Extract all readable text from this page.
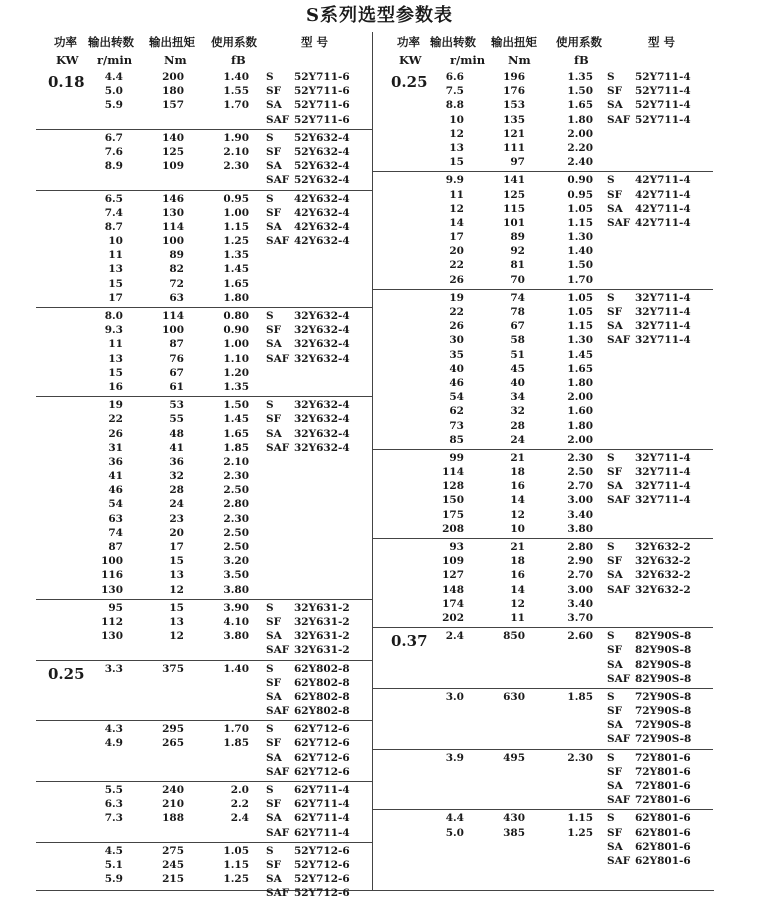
S系列选型参数表
功率
KW
输出转数
r/min
输出扭矩
Nm
使用系数
fB
型 号
0.18 4.4	200	1.40 S 52Y711-6
5.0	180	1.55 SF 52Y711-6
5.9	157	1.70 SA 52Y711-6
SAF 52Y711-6
6.7	140	1.90 S 52Y632-4
7.6	125	2.10 SF 52Y632-4
8.9	109	2.30 SA 52Y632-4
SAF 52Y632-4
6.5	146	0.95 S 42Y632-4
7.4	130	1.00 SF 42Y632-4
8.7	114	1.15 SA 42Y632-4
10	100	1.25 SAF 42Y632-4
11	89	1.35
13	82	1.45
15	72	1.65
17	63	1.80
8.0	114	0.80 S 32Y632-4
9.3	100	0.90 SF 32Y632-4
11	87	1.00 SA 32Y632-4
13	76	1.10 SAF 32Y632-4
15	67	1.20
16	61	1.35
19	53	1.50 S 32Y632-4
22	55	1.45 SF 32Y632-4
26	48	1.65 SA 32Y632-4
31	41	1.85 SAF 32Y632-4
36	36	2.10
41	32	2.30
46	28	2.50
54	24	2.80
63	23	2.30
74	20	2.50
87	17	2.50
100	15	3.20
116	13	3.50
130	12	3.80
95	15	3.90 S 32Y631-2
112	13	4.10 SF 32Y631-2
130	12	3.80 SA 32Y631-2
SAF 32Y631-2
0.25 3.3	375	1.40 S 62Y802-8
SF 62Y802-8
SA 62Y802-8
SAF 62Y802-8
4.3	295	1.70 S 62Y712-6
4.9	265	1.85 SF 62Y712-6
SA 62Y712-6
SAF 62Y712-6
5.5	240	2.0 S 62Y711-4
6.3	210	2.2 SF 62Y711-4
7.3	188	2.4 SA 62Y711-4
SAF 62Y711-4
4.5	275	1.05 S 52Y712-6
5.1	245	1.15 SF 52Y712-6
5.9	215	1.25 SA 52Y712-6
SAF 52Y712-6
功率
KW
输出转数
r/min
输出扭矩
Nm
使用系数
fB
型 号
0.25 6.6	196	1.35 S 52Y711-4
7.5	176	1.50 SF 52Y711-4
8.8	153	1.65 SA 52Y711-4
10	135	1.80 SAF 52Y711-4
12	121	2.00
13	111	2.20
15	97	2.40
9.9	141	0.90 S 42Y711-4
11	125	0.95 SF 42Y711-4
12	115	1.05 SA 42Y711-4
14	101	1.15 SAF 42Y711-4
17	89	1.30
20	92	1.40
22	81	1.50
26	70	1.70
19	74	1.05 S 32Y711-4
22	78	1.05 SF 32Y711-4
26	67	1.15 SA 32Y711-4
30	58	1.30 SAF 32Y711-4
35	51	1.45
40	45	1.65
46	40	1.80
54	34	2.00
62	32	1.60
73	28	1.80
85	24	2.00
99	21	2.30 S 32Y711-4
114	18	2.50 SF 32Y711-4
128	16	2.70 SA 32Y711-4
150	14	3.00 SAF 32Y711-4
175	12	3.40
208	10	3.80
93	21	2.80 S 32Y632-2
109	18	2.90 SF 32Y632-2
127	16	2.70 SA 32Y632-2
148	14	3.00 SAF 32Y632-2
174	12	3.40
202	11	3.70
0.37 2.4	850	2.60 S 82Y90S-8
SF 82Y90S-8
SA 82Y90S-8
SAF 82Y90S-8
3.0	630	1.85 S 72Y90S-8
SF 72Y90S-8
SA 72Y90S-8
SAF 72Y90S-8
3.9	495	2.30 S 72Y801-6
SF 72Y801-6
SA 72Y801-6
SAF 72Y801-6
4.4	430	1.15 S 62Y801-6
5.0	385	1.25 SF 62Y801-6
SA 62Y801-6
SAF 62Y801-6
